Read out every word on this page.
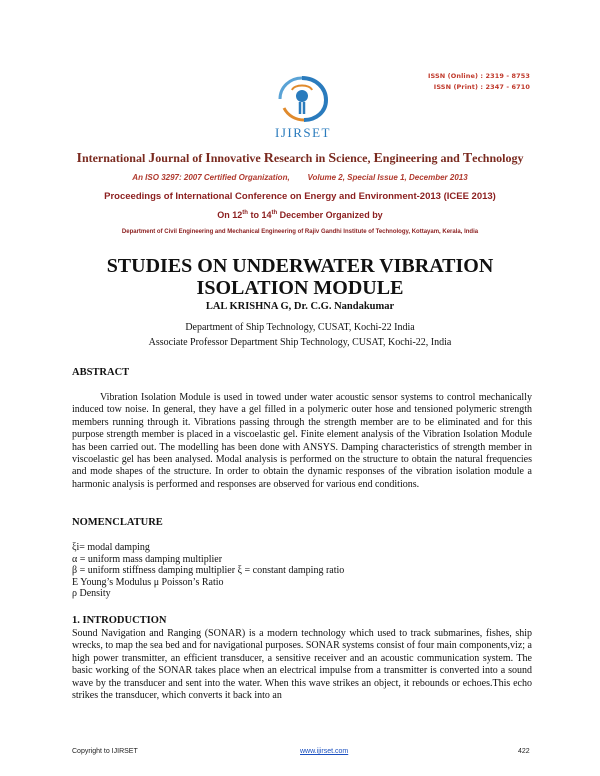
ISSN (Online) : 2319 - 8753
ISSN (Print) : 2347 - 6710
IJIRSET
International Journal of Innovative Research in Science, Engineering and Technology
An ISO 3297: 2007 Certified Organization,        Volume 2, Special Issue 1, December 2013
Proceedings of International Conference on Energy and Environment-2013 (ICEE 2013)
On 12th to 14th December Organized by
Department of Civil Engineering and Mechanical Engineering of Rajiv Gandhi Institute of Technology, Kottayam, Kerala, India
STUDIES ON UNDERWATER VIBRATION
ISOLATION MODULE
LAL KRISHNA G, Dr. C.G. Nandakumar
Department of Ship Technology, CUSAT, Kochi-22 India
Associate Professor Department Ship Technology, CUSAT, Kochi-22, India
ABSTRACT
Vibration Isolation Module is used in towed under water acoustic sensor systems to control mechanically induced tow noise. In general, they have a gel filled in a polymeric outer hose and tensioned polymeric strength members running through it. Vibrations passing through the strength member are to be eliminated and for this purpose strength member is placed in a viscoelastic gel. Finite element analysis of the Vibration Isolation Module has been carried out. The modelling has been done with ANSYS. Damping characteristics of strength member in viscoelastic gel has been analysed. Modal analysis is performed on the structure to obtain the natural frequencies and mode shapes of the structure. In order to obtain the dynamic responses of the vibration isolation module a harmonic analysis is performed and responses are observed for various end conditions.
NOMENCLATURE
ξi= modal damping
α = uniform mass damping multiplier
β = uniform stiffness damping multiplier ξ = constant damping ratio
E Young’s Modulus μ Poisson’s Ratio
ρ Density
1. INTRODUCTION
Sound Navigation and Ranging (SONAR) is a modern technology which used to track submarines, fishes, ship wrecks, to map the sea bed and for navigational purposes. SONAR systems consist of four main components,viz; a high power transmitter, an efficient transducer, a sensitive receiver and an acoustic communication system. The basic working of the SONAR takes place when an electrical impulse from a transmitter is converted into a sound wave by the transducer and sent into the water. When this wave strikes an object, it rebounds or echoes.This echo strikes the transducer, which converts it back into an
Copyright to IJIRSET	www.ijirset.com	422
